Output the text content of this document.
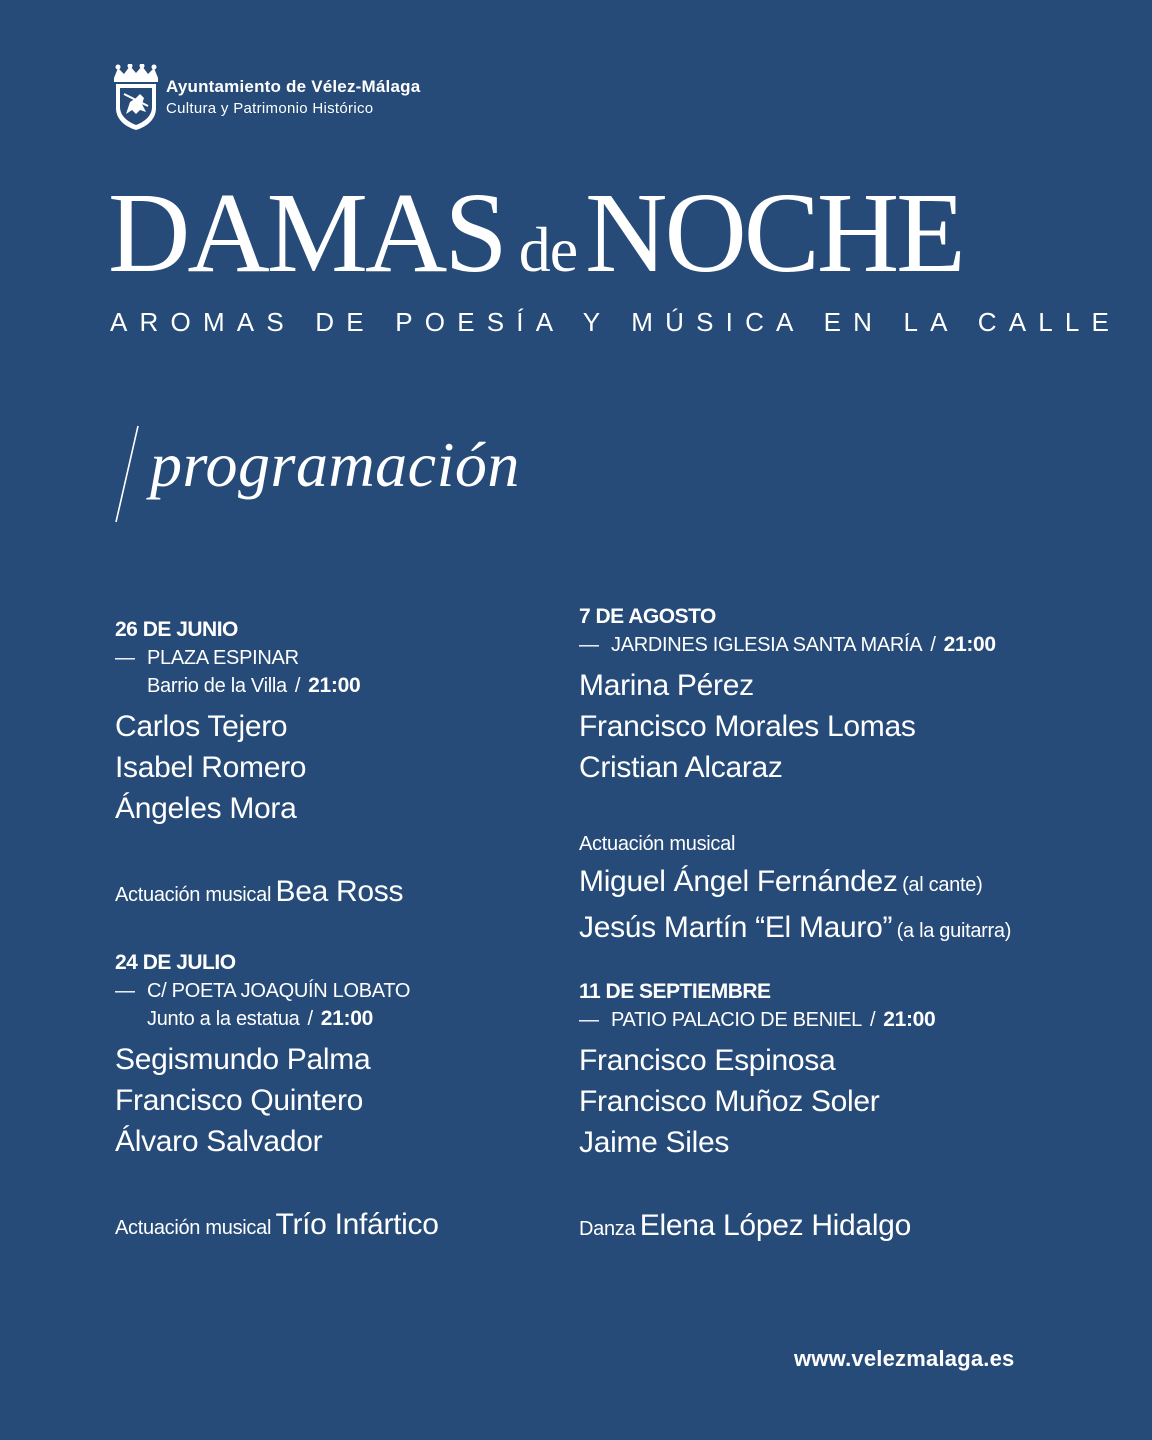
Ayuntamiento de Vélez-Málaga
Cultura y Patrimonio Histórico
DAMAS deNOCHE
AROMAS DE POESÍA Y MÚSICA EN LA CALLE
programación
26 DE JUNIO
— PLAZA ESPINAR
Barrio de la Villa / 21:00
Carlos Tejero
Isabel Romero
Ángeles Mora
Actuación musical Bea Ross
24 DE JULIO
— C/ POETA JOAQUÍN LOBATO
Junto a la estatua / 21:00
Segismundo Palma
Francisco Quintero
Álvaro Salvador
Actuación musical Trío Infártico
7 DE AGOSTO
— JARDINES IGLESIA SANTA MARÍA / 21:00
Marina Pérez
Francisco Morales Lomas
Cristian Alcaraz
Actuación musical
Miguel Ángel Fernández (al cante)
Jesús Martín “El Mauro” (a la guitarra)
11 DE SEPTIEMBRE
— PATIO PALACIO DE BENIEL / 21:00
Francisco Espinosa
Francisco Muñoz Soler
Jaime Siles
Danza Elena López Hidalgo
www.velezmalaga.es
